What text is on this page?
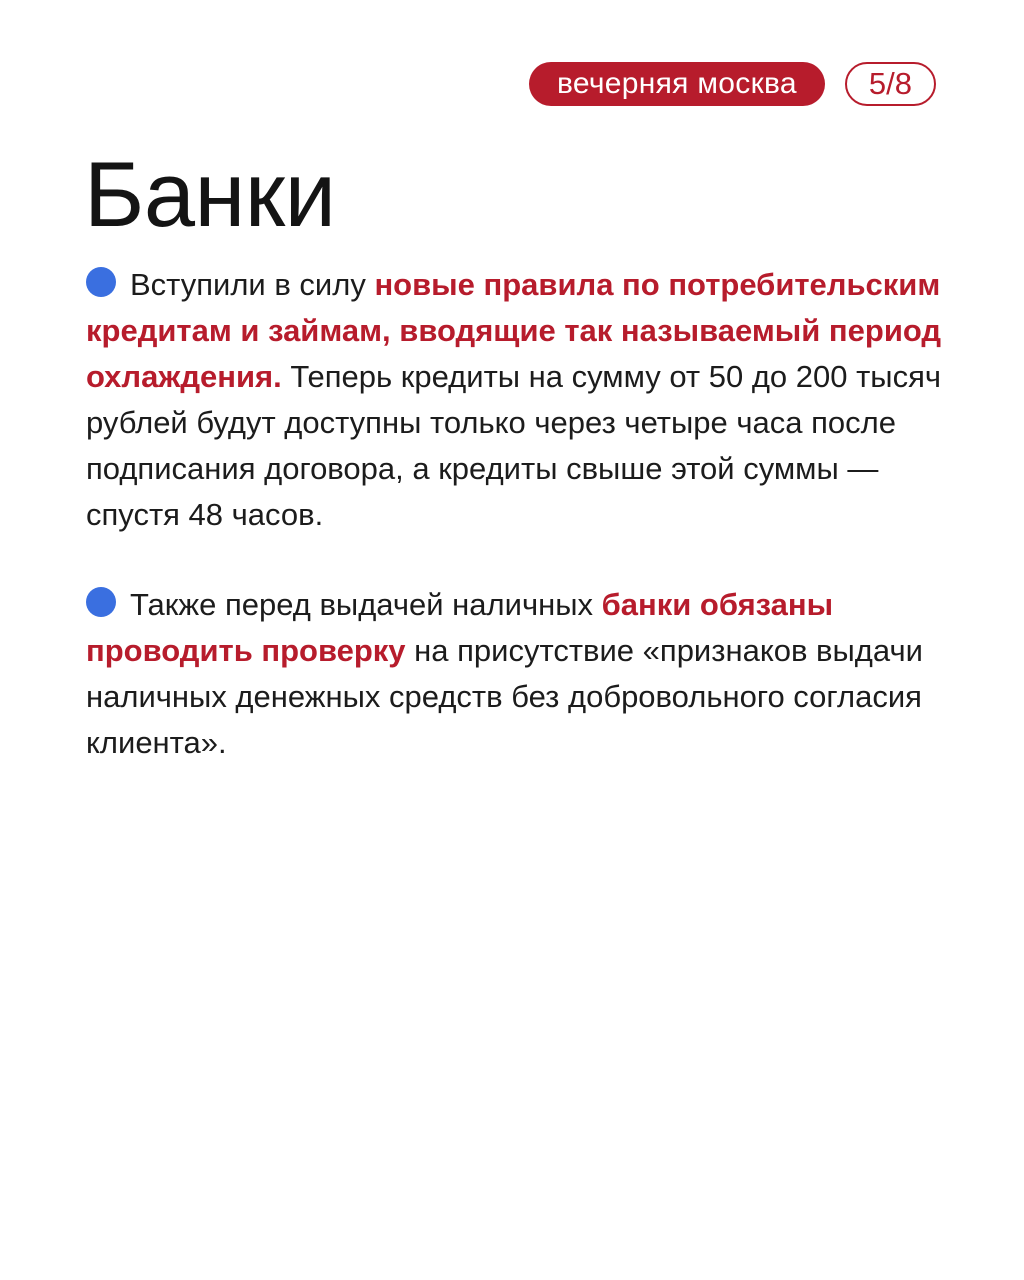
вечерняя москва	5/8
Банки

Вступили в силу новые правила по потребительским кредитам и займам, вводящие так называемый период охлаждения. Теперь кредиты на сумму от 50 до 200 тысяч рублей будут доступны только через четыре часа после подписания договора, а кредиты свыше этой суммы — спустя 48 часов.

Также перед выдачей наличных банки обязаны проводить проверку на присутствие «признаков выдачи наличных денежных средств без добровольного согласия клиента».
